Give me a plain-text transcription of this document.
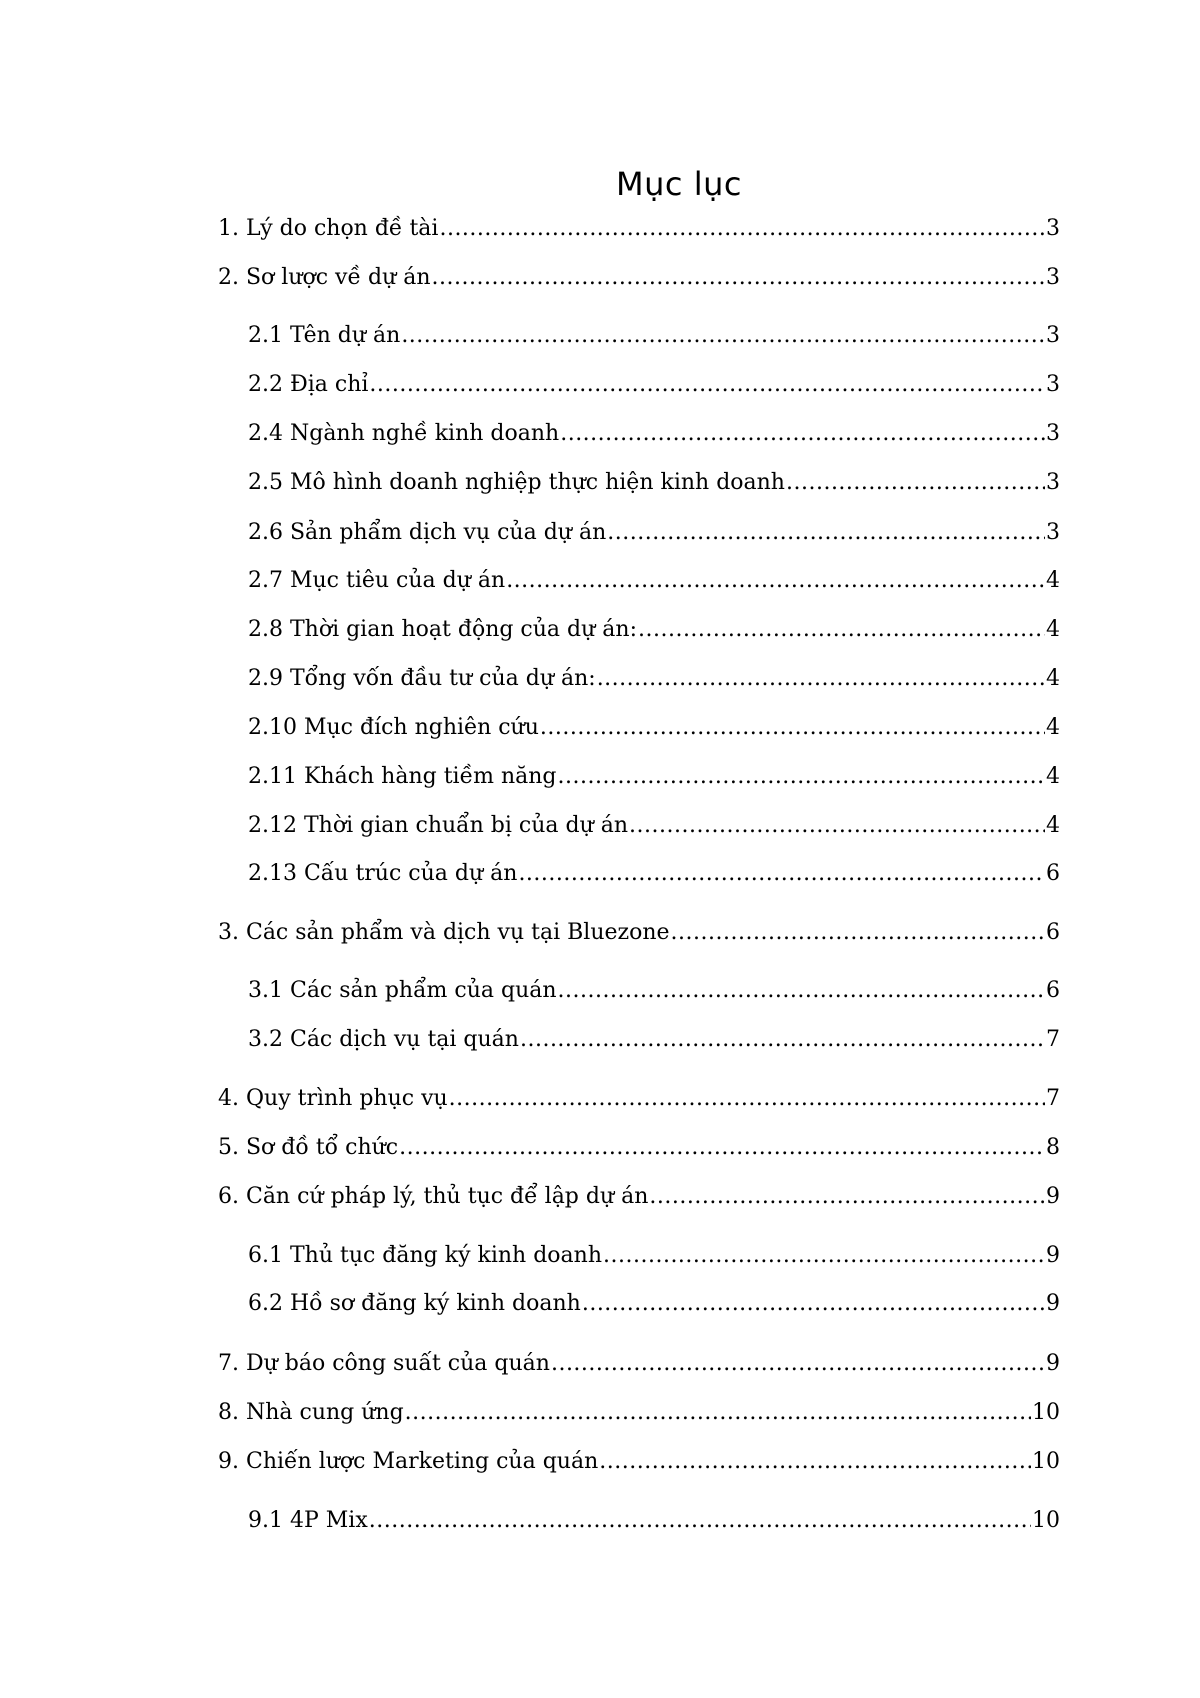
Mục lục
1. Lý do chọn đề tài .....	3
2. Sơ lược về dự án .....	3
2.1 Tên dự án .....	3
2.2 Địa chỉ .....	3
2.4 Ngành nghề kinh doanh .....	3
2.5 Mô hình doanh nghiệp thực hiện kinh doanh .....	3
2.6 Sản phẩm dịch vụ của dự án .....	3
2.7 Mục tiêu của dự án .....	4
2.8 Thời gian hoạt động của dự án: .....	4
2.9 Tổng vốn đầu tư của dự án: .....	4
2.10 Mục đích nghiên cứu .....	4
2.11 Khách hàng tiềm năng .....	4
2.12 Thời gian chuẩn bị của dự án .....	4
2.13 Cấu trúc của dự án .....	6
3. Các sản phẩm và dịch vụ tại Bluezone .....	6
3.1 Các sản phẩm của quán .....	6
3.2 Các dịch vụ tại quán .....	7
4. Quy trình phục vụ .....	7
5. Sơ đồ tổ chức .....	8
6. Căn cứ pháp lý, thủ tục để lập dự án .....	9
6.1 Thủ tục đăng ký kinh doanh .....	9
6.2 Hồ sơ đăng ký kinh doanh .....	9
7. Dự báo công suất của quán .....	9
8. Nhà cung ứng .....	10
9. Chiến lược Marketing của quán .....	10
9.1 4P Mix .....	10
